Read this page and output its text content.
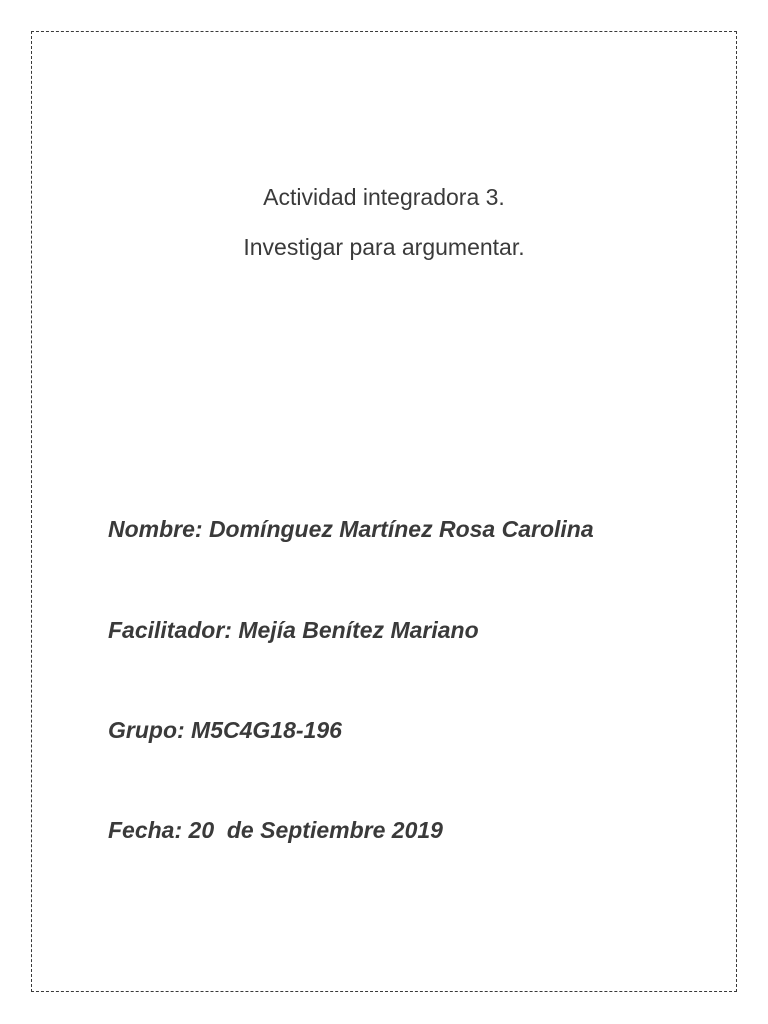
Actividad integradora 3.
Investigar para argumentar.
Nombre: Domínguez Martínez Rosa Carolina
Facilitador: Mejía Benítez Mariano
Grupo: M5C4G18-196
Fecha: 20  de Septiembre 2019
